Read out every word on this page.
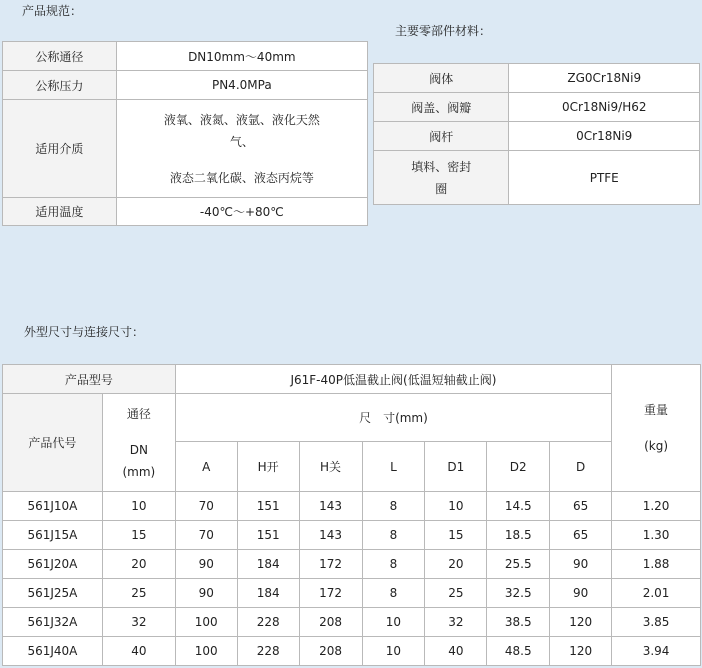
产品规范：
公称通径	DN10mm～40mm
公称压力	PN4.0MPa
适用介质	液氧、液氮、液氩、液化天然
气、
液态二氧化碳、液态丙烷等

适用温度	-40℃～+80℃
主要零部件材料：
阀体	ZG0Cr18Ni9
阀盖、阀瓣	0Cr18Ni9/H62
阀杆	0Cr18Ni9

填料、密封
圈	PTFE
外型尺寸与连接尺寸：
产品型号		J61F-40P低温截止阀(低温短轴截止阀)							重量
(kg)

产品代号	通径
DN
(mm)	尺　寸(mm)							
		A	H开	H关	L	D1	D2	D	
561J10A	10	70	151	143	8	10	14.5	65	1.20
561J15A	15	70	151	143	8	15	18.5	65	1.30
561J20A	20	90	184	172	8	20	25.5	90	1.88
561J25A	25	90	184	172	8	25	32.5	90	2.01
561J32A	32	100	228	208	10	32	38.5	120	3.85
561J40A	40	100	228	208	10	40	48.5	120	3.94
